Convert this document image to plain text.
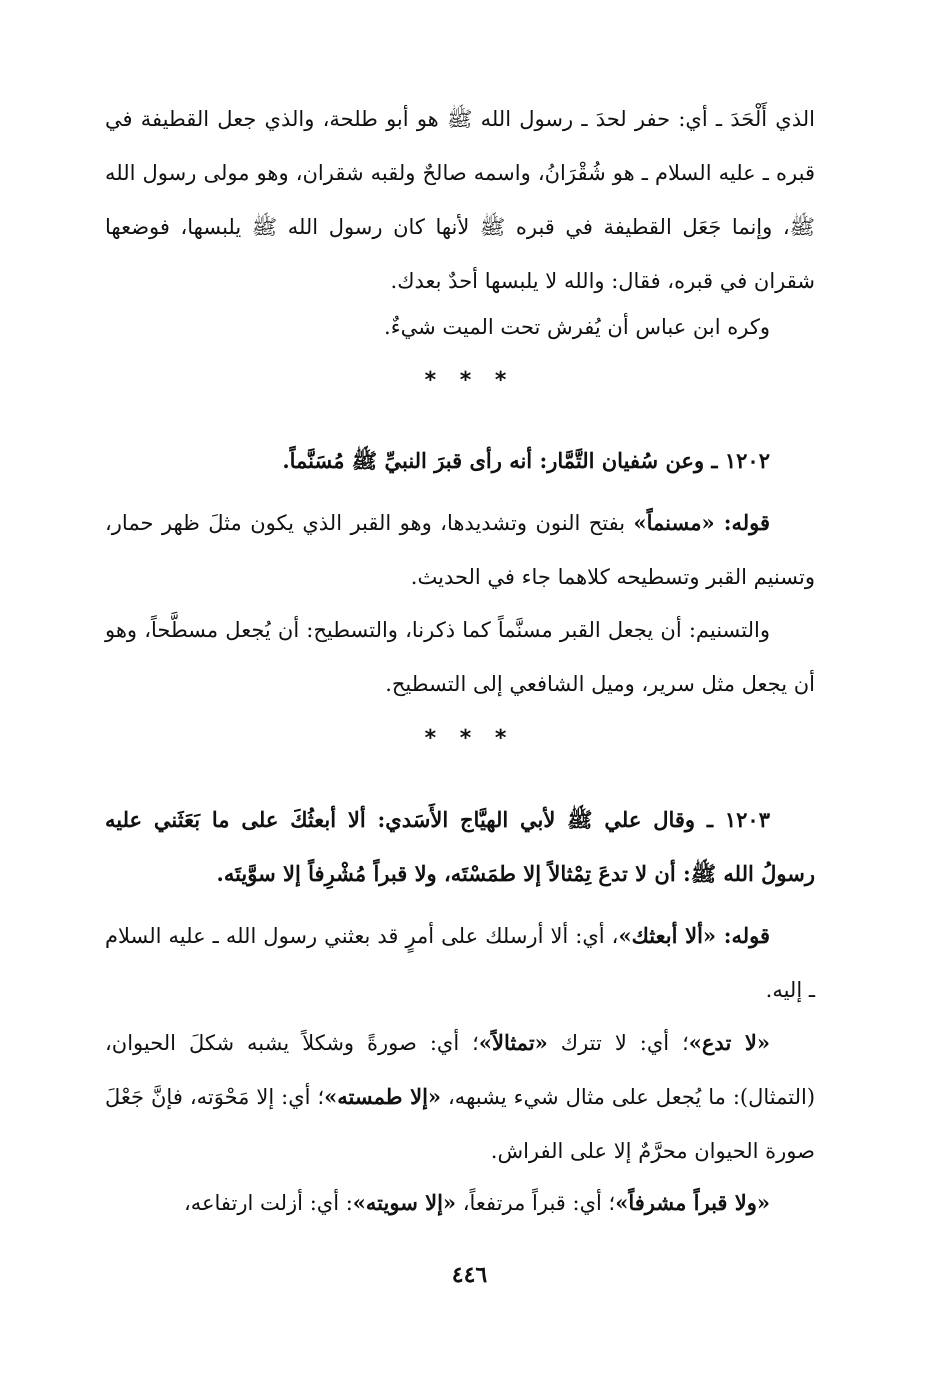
الذي أَلْحَدَ ـ أي: حفر لحدَ ـ رسول الله ﷺ هو أبو طلحة، والذي جعل القطيفة في قبره ـ عليه السلام ـ هو شُقْرَانُ، واسمه صالحٌ ولقبه شقران، وهو مولى رسول الله ﷺ، وإنما جَعَل القطيفة في قبره ﷺ لأنها كان رسول الله ﷺ يلبسها، فوضعها شقران في قبره، فقال: والله لا يلبسها أحدٌ بعدك.
وكره ابن عباس أن يُفرش تحت الميت شيءٌ.
* * *
١٢٠٢ ـ وعن سُفيان التَّمَّار: أنه رأى قبرَ النبيِّ ﷺ مُسَنَّماً.
قوله: «مسنماً» بفتح النون وتشديدها، وهو القبر الذي يكون مثلَ ظهر حمار، وتسنيم القبر وتسطيحه كلاهما جاء في الحديث.
والتسنيم: أن يجعل القبر مسنَّماً كما ذكرنا، والتسطيح: أن يُجعل مسطَّحاً، وهو أن يجعل مثل سرير، وميل الشافعي إلى التسطيح.
* * *
١٢٠٣ ـ وقال علي ﷺ لأبي الهيَّاج الأَسَدي: ألا أبعثُكَ على ما بَعَثَني عليه رسولُ الله ﷺ: أن لا تدعَ تِمْثالاً إلا طمَسْتَه، ولا قبراً مُشْرِفاً إلا سوَّيتَه.
قوله: «ألا أبعثك»، أي: ألا أرسلك على أمرٍ قد بعثني رسول الله ـ عليه السلام ـ إليه.
«لا تدع»؛ أي: لا تترك «تمثالاً»؛ أي: صورةً وشكلاً يشبه شكلَ الحيوان، (التمثال): ما يُجعل على مثال شيء يشبهه، «إلا طمسته»؛ أي: إلا مَحْوَته، فإنَّ جَعْلَ صورة الحيوان محرَّمٌ إلا على الفراش.
«ولا قبراً مشرفاً»؛ أي: قبراً مرتفعاً، «إلا سويته»: أي: أزلت ارتفاعه،
٤٤٦
